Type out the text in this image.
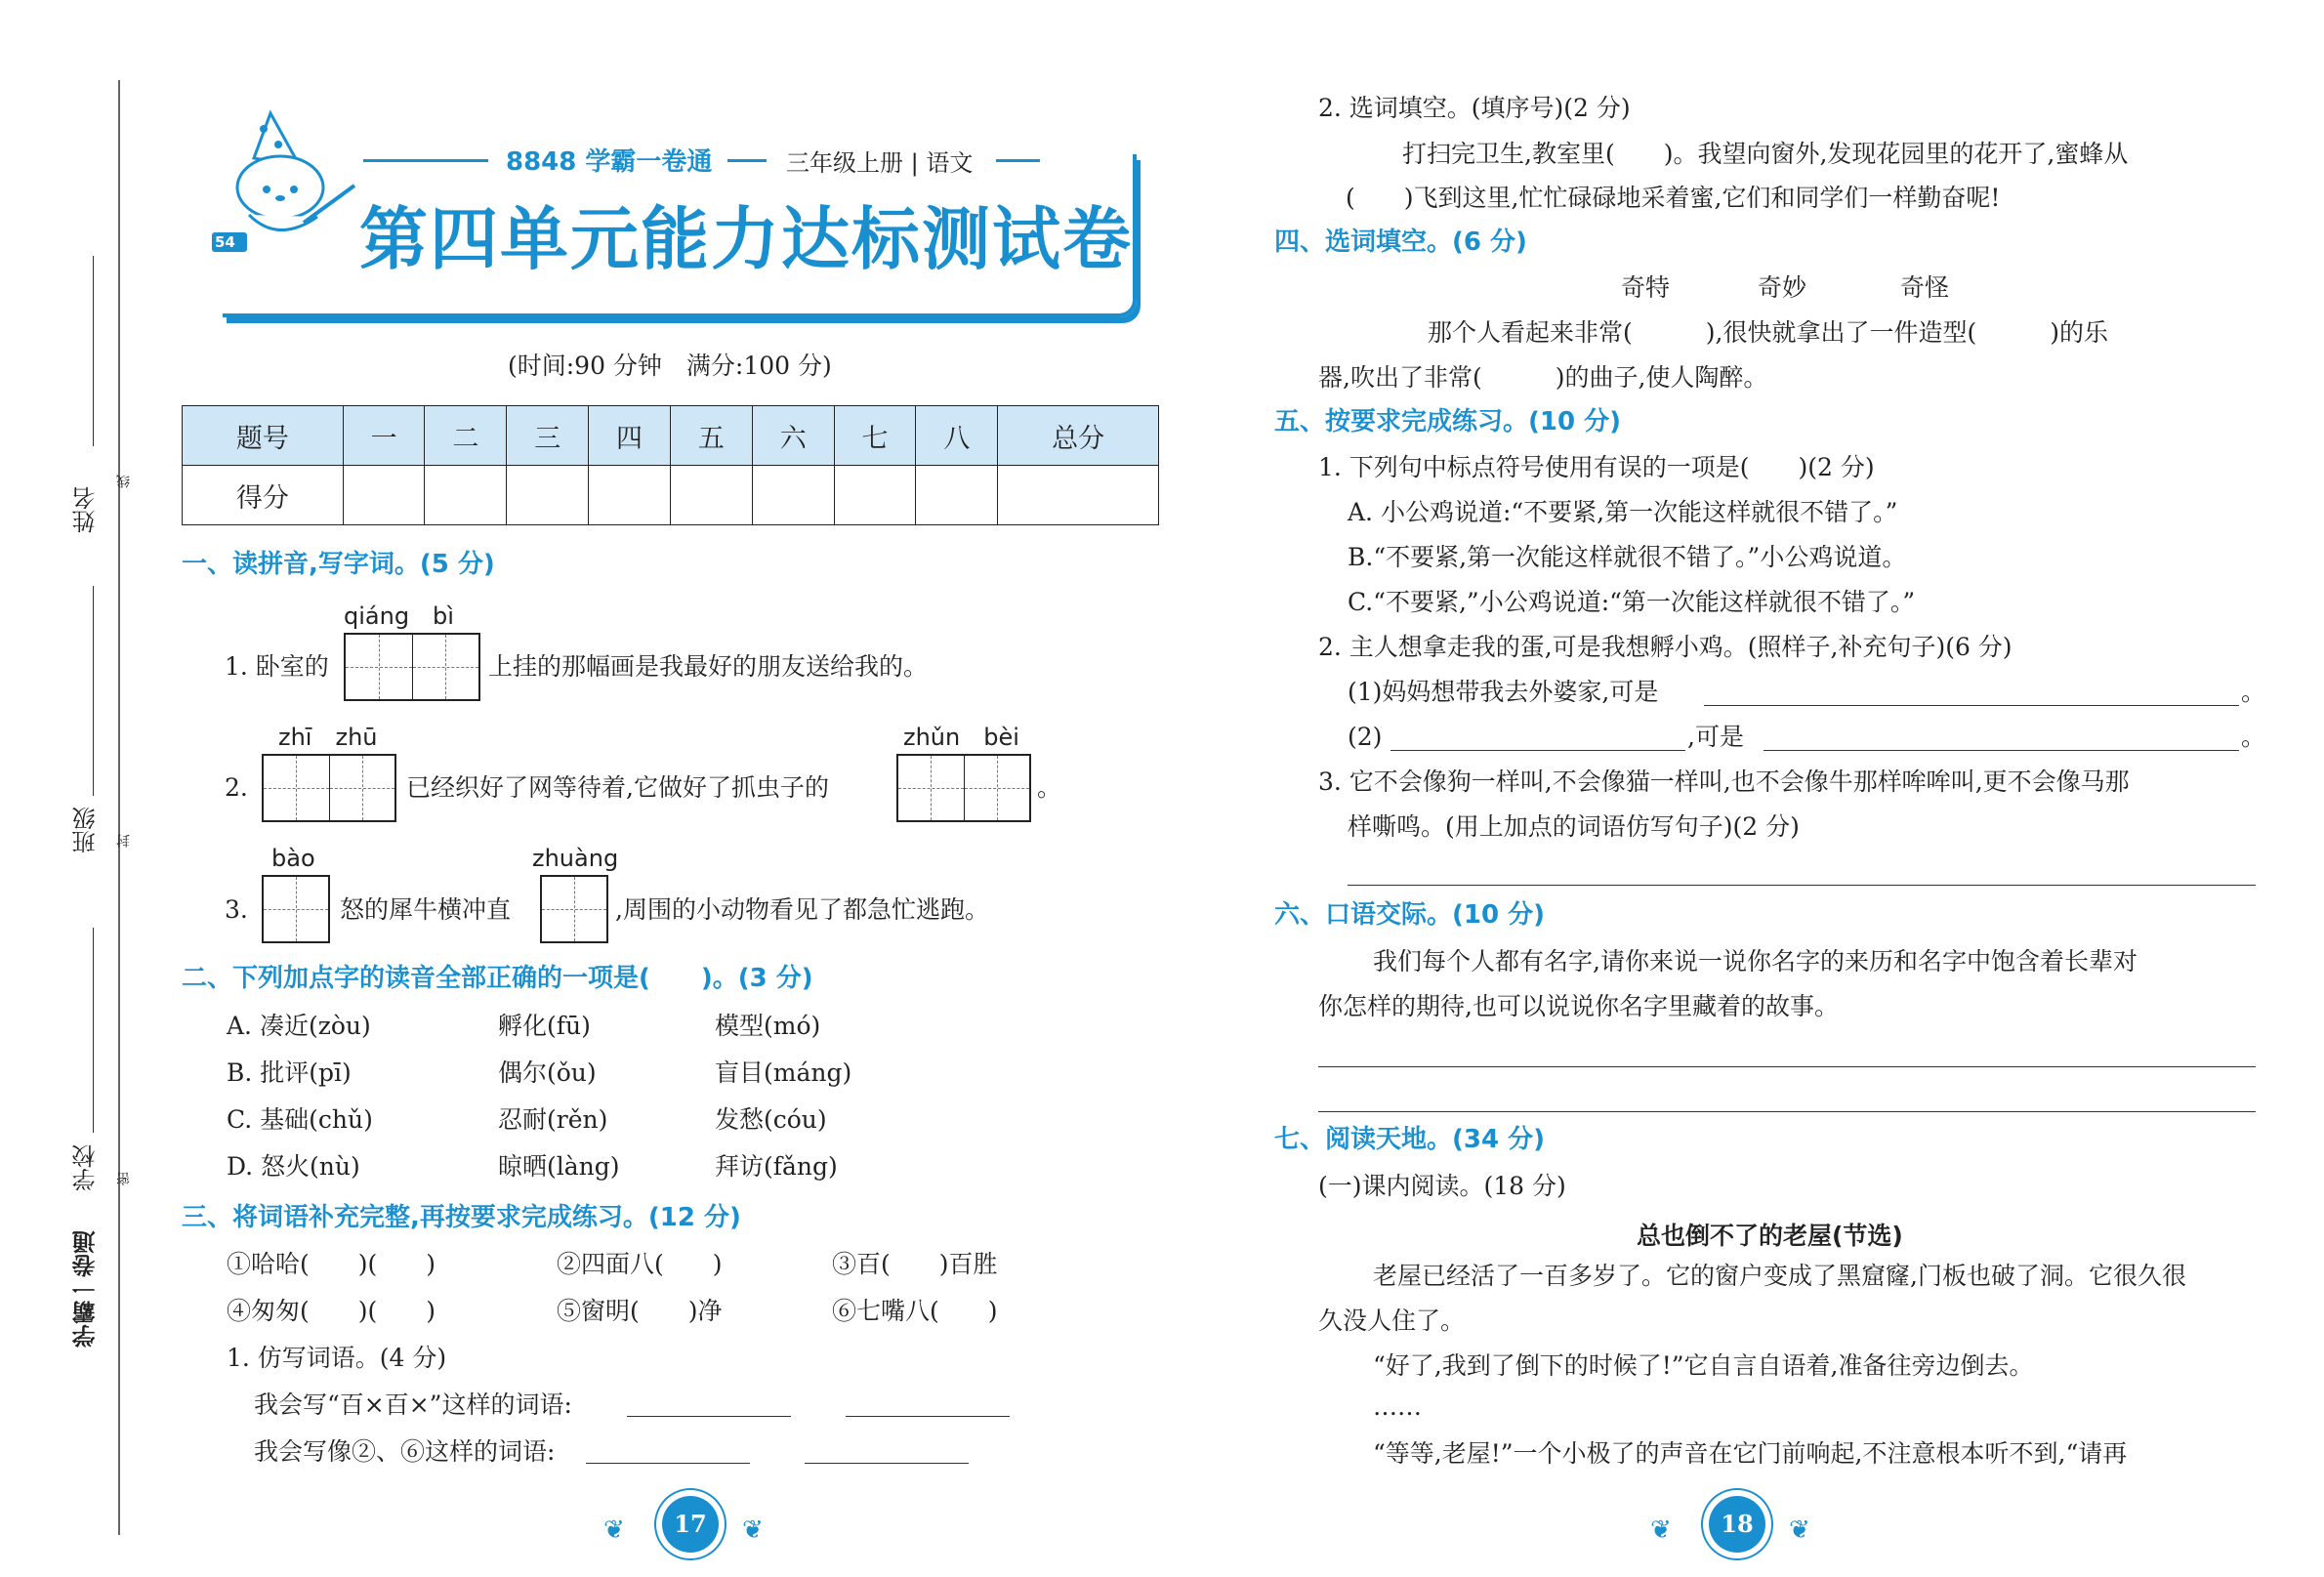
姓名
线
班级 封
学校 密
学霸一卷通
54
8848 学霸一卷通	三年级上册 | 语文
第四单元能力达标测试卷
(时间:90 分钟　满分:100 分)
题号	一	二	三	四	五	六	七	八	总分
得分									
一、读拼音,写字词。(5 分)
qiáng　bì
1. 卧室的	上挂的那幅画是我最好的朋友送给我的。
zhī　zhū	zhǔn　bèi
2.	已经织好了网等待着,它做好了抓虫子的	。
bào	zhuàng
3.	怒的犀牛横冲直	,周围的小动物看见了都急忙逃跑。
二、下列加点字的读音全部正确的一项是(　　)。(3 分)
A. 凑近(zòu)	孵化(fū)	模型(mó)
B. 批评(pī)	偶尔(ǒu)	盲目(máng)
C. 基础(chǔ)	忍耐(rěn)	发愁(cóu)
D. 怒火(nù)	晾晒(làng)	拜访(fǎng)
三、将词语补充完整,再按要求完成练习。(12 分)
①哈哈(　　)(　　)	②四面八(　　)	③百(　　)百胜
④匆匆(　　)(　　)	⑤窗明(　　)净	⑥七嘴八(　　)
1. 仿写词语。(4 分)
我会写“百×百×”这样的词语:
我会写像②、⑥这样的词语:
❦	17	❦
2. 选词填空。(填序号)(2 分)
打扫完卫生,教室里(　　)。我望向窗外,发现花园里的花开了,蜜蜂从
(　　)飞到这里,忙忙碌碌地采着蜜,它们和同学们一样勤奋呢!
四、选词填空。(6 分)
奇特	奇妙	奇怪
那个人看起来非常(　　　),很快就拿出了一件造型(　　　)的乐
器,吹出了非常(　　　)的曲子,使人陶醉。
五、按要求完成练习。(10 分)
1. 下列句中标点符号使用有误的一项是(　　)(2 分)
A. 小公鸡说道:“不要紧,第一次能这样就很不错了。”
B.“不要紧,第一次能这样就很不错了。”小公鸡说道。
C.“不要紧,”小公鸡说道:“第一次能这样就很不错了。”
2. 主人想拿走我的蛋,可是我想孵小鸡。(照样子,补充句子)(6 分)
(1)妈妈想带我去外婆家,可是	。
(2)	,可是	。
3. 它不会像狗一样叫,不会像猫一样叫,也不会像牛那样哞哞叫,更不会像马那
样嘶鸣。(用上加点的词语仿写句子)(2 分)
六、口语交际。(10 分)
我们每个人都有名字,请你来说一说你名字的来历和名字中饱含着长辈对
你怎样的期待,也可以说说你名字里藏着的故事。
七、阅读天地。(34 分)
(一)课内阅读。(18 分)
总也倒不了的老屋(节选)
老屋已经活了一百多岁了。它的窗户变成了黑窟窿,门板也破了洞。它很久很
久没人住了。
“好了,我到了倒下的时候了!”它自言自语着,准备往旁边倒去。
……
“等等,老屋!”一个小极了的声音在它门前响起,不注意根本听不到,“请再
❦	18	❦
